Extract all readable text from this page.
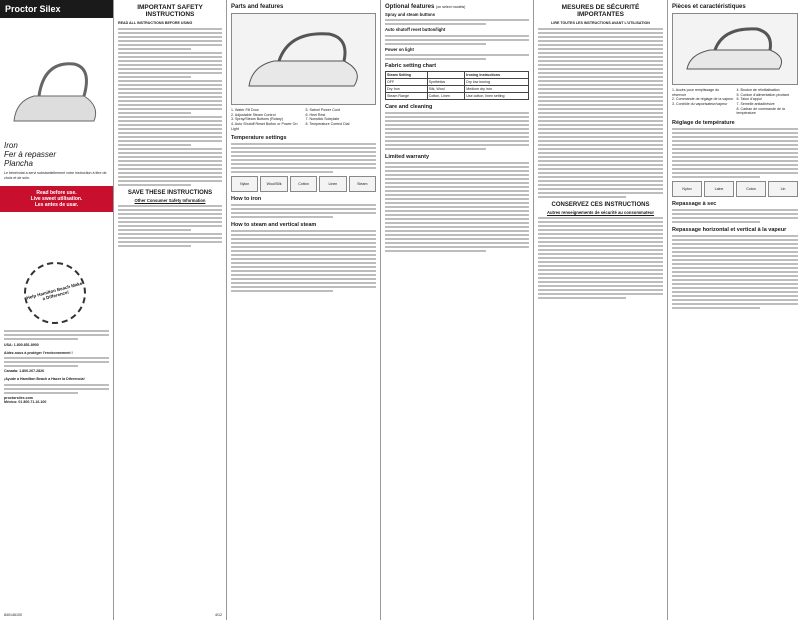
Proctor Silex
Iron
Fer à repasser
Plancha
Le bénévolat a servi substantiellement votre instruction à titre de choix et de soin.
Read before use.
Live sweet utilisation.
Les antes de usar.
Help Hamilton Beach Make a Difference!
USA: 1.800.851.8900
Aidez-nous à protéger l'environnement !
Canada: 1.800.267.2826
¡Ayude a Hamilton Beach a Hacer la Diferencia!
proctorsilex.com
México: 01 800.71.16.100
840146100
IMPORTANT SAFETY INSTRUCTIONS
READ ALL INSTRUCTIONS BEFORE USING
SAVE THESE INSTRUCTIONS
Other Consumer Safety Information
4/12
Parts and features
1. Water Fill Door
2. Adjustable Steam Control
3. Spray/Steam Buttons (Rotary)
4. Auto Shutoff Reset Button or Power On Light
5. Swivel Power Cord
6. Heel Rest
7. Nonstick Soleplate
8. Temperature Control Dial
Temperature settings
Nylon	Wool/Silk	Cotton	Linen	Steam
How to iron
How to steam and vertical steam
Optional features (on select models)
Spray and steam buttons
Auto shutoff reset button/light
Power on light
Fabric setting chart
Steam Setting		Ironing Instructions
OFF	Synthetics	Dry low ironing
Dry Iron	Silk, Wool	Medium dry iron
Steam Range	Cotton, Linen	Use cotton, linen setting
Care and cleaning
Limited warranty
MESURES DE SÉCURITÉ IMPORTANTES
LIRE TOUTES LES INSTRUCTIONS AVANT L'UTILISATION
CONSERVEZ CES INSTRUCTIONS
Autres renseignements de sécurité au consommateur
Pièces et caractéristiques
1. Accès pour remplissage du réservoir
2. Commande de réglage de la vapeur
3. Contrôle du vaporisateur/vapeur
4. Bouton de réinitialisation
5. Cordon d'alimentation pivotant
6. Talon d'appui
7. Semelle antiadhésive
8. Cadran de commande de la température
Réglage de température
Nylon	Laine	Coton	Lin
Repassage à sec
Repassage horizontal et vertical à la vapeur
